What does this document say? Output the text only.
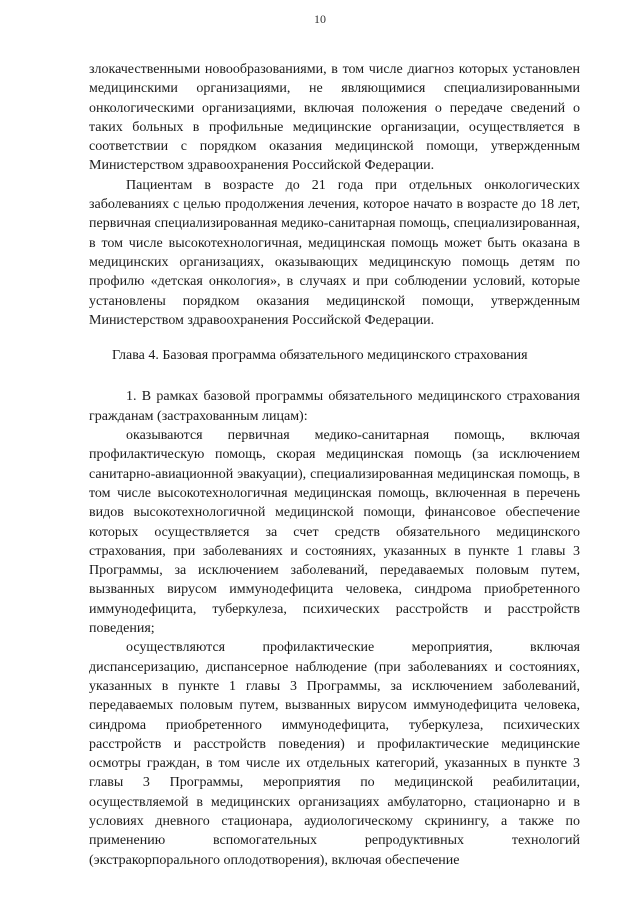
10

злокачественными новообразованиями, в том числе диагноз которых установлен медицинскими организациями, не являющимися специализированными онкологическими организациями, включая положения о передаче сведений о таких больных в профильные медицинские организации, осуществляется в соответствии с порядком оказания медицинской помощи, утвержденным Министерством здравоохранения Российской Федерации.

Пациентам в возрасте до 21 года при отдельных онкологических заболеваниях с целью продолжения лечения, которое начато в возрасте до 18 лет, первичная специализированная медико-санитарная помощь, специализированная, в том числе высокотехнологичная, медицинская помощь может быть оказана в медицинских организациях, оказывающих медицинскую помощь детям по профилю «детская онкология», в случаях и при соблюдении условий, которые установлены порядком оказания медицинской помощи, утвержденным Министерством здравоохранения Российской Федерации.

Глава 4. Базовая программа обязательного медицинского страхования

1. В рамках базовой программы обязательного медицинского страхования гражданам (застрахованным лицам):

оказываются первичная медико-санитарная помощь, включая профилактическую помощь, скорая медицинская помощь (за исключением санитарно-авиационной эвакуации), специализированная медицинская помощь, в том числе высокотехнологичная медицинская помощь, включенная в перечень видов высокотехнологичной медицинской помощи, финансовое обеспечение которых осуществляется за счет средств обязательного медицинского страхования, при заболеваниях и состояниях, указанных в пункте 1 главы 3 Программы, за исключением заболеваний, передаваемых половым путем, вызванных вирусом иммунодефицита человека, синдрома приобретенного иммунодефицита, туберкулеза, психических расстройств и расстройств поведения;

осуществляются профилактические мероприятия, включая диспансеризацию, диспансерное наблюдение (при заболеваниях и состояниях, указанных в пункте 1 главы 3 Программы, за исключением заболеваний, передаваемых половым путем, вызванных вирусом иммунодефицита человека, синдрома приобретенного иммунодефицита, туберкулеза, психических расстройств и расстройств поведения) и профилактические медицинские осмотры граждан, в том числе их отдельных категорий, указанных в пункте 3 главы 3 Программы, мероприятия по медицинской реабилитации, осуществляемой в медицинских организациях амбулаторно, стационарно и в условиях дневного стационара, аудиологическому скринингу, а также по применению вспомогательных репродуктивных технологий (экстракорпорального оплодотворения), включая обеспечение
